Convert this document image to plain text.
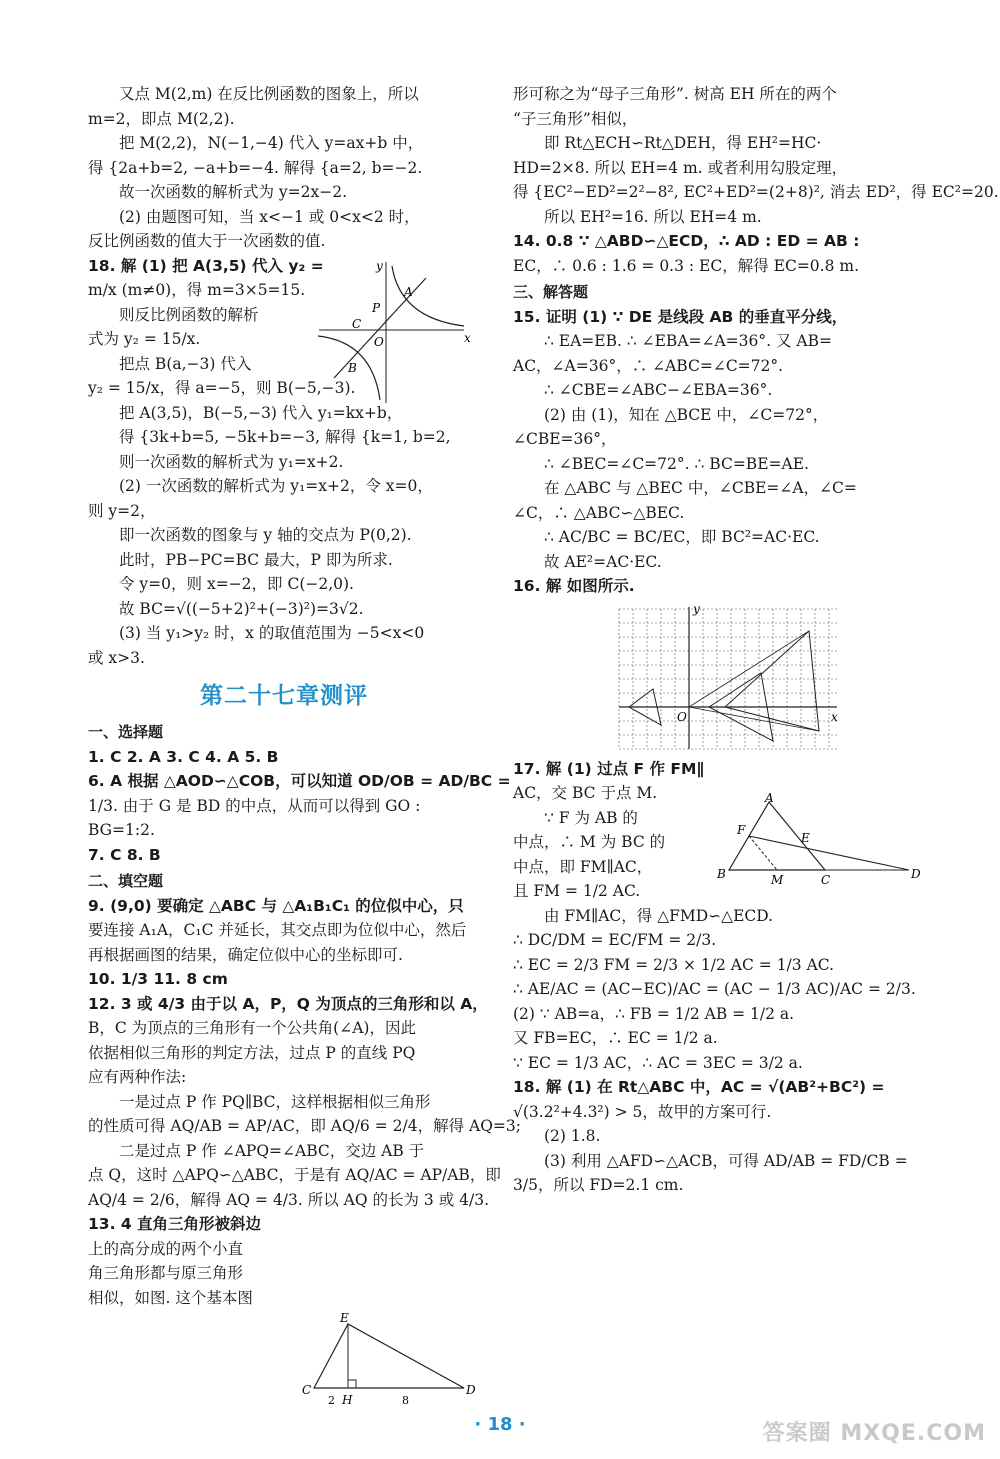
又点 M(2,m) 在反比例函数的图象上，所以
m=2，即点 M(2,2).
把 M(2,2)，N(−1,−4) 代入 y=ax+b 中，
得 {2a+b=2, −a+b=−4. 解得 {a=2, b=−2.
故一次函数的解析式为 y=2x−2.
(2) 由题图可知，当 x<−1 或 0<x<2 时，
反比例函数的值大于一次函数的值.
18. 解 (1) 把 A(3,5) 代入 y₂ =
m/x (m≠0)，得 m=3×5=15.
则反比例函数的解析
式为 y₂ = 15/x.
把点 B(a,−3) 代入
y₂ = 15/x，得 a=−5，则 B(−5,−3).
把 A(3,5)，B(−5,−3) 代入 y₁=kx+b，
得 {3k+b=5, −5k+b=−3, 解得 {k=1, b=2,
则一次函数的解析式为 y₁=x+2.
(2) 一次函数的解析式为 y₁=x+2，令 x=0，
则 y=2，
即一次函数的图象与 y 轴的交点为 P(0,2).
此时，PB−PC=BC 最大，P 即为所求.
令 y=0，则 x=−2，即 C(−2,0).
故 BC=√((−5+2)²+(−3)²)=3√2.
(3) 当 y₁>y₂ 时，x 的取值范围为 −5<x<0
或 x>3.
y
x
A
B
C
P
O
第二十七章测评
一、选择题
1. C 2. A 3. C 4. A 5. B
6. A 根据 △AOD∽△COB，可以知道 OD/OB = AD/BC =
1/3. 由于 G 是 BD 的中点，从而可以得到 GO :
BG=1:2.
7. C 8. B
二、填空题
9. (9,0) 要确定 △ABC 与 △A₁B₁C₁ 的位似中心，只
要连接 A₁A，C₁C 并延长，其交点即为位似中心，然后
再根据画图的结果，确定位似中心的坐标即可.
10. 1/3 11. 8 cm
12. 3 或 4/3 由于以 A，P，Q 为顶点的三角形和以 A，
B，C 为顶点的三角形有一个公共角(∠A)，因此
依据相似三角形的判定方法，过点 P 的直线 PQ
应有两种作法:
一是过点 P 作 PQ∥BC，这样根据相似三角形
的性质可得 AQ/AB = AP/AC，即 AQ/6 = 2/4，解得 AQ=3;
二是过点 P 作 ∠APQ=∠ABC，交边 AB 于
点 Q，这时 △APQ∽△ABC，于是有 AQ/AC = AP/AB，即
AQ/4 = 2/6，解得 AQ = 4/3. 所以 AQ 的长为 3 或 4/3.
13. 4 直角三角形被斜边
上的高分成的两个小直
角三角形都与原三角形
相似，如图. 这个基本图
E
C
H
D
2	8
形可称之为“母子三角形”. 树高 EH 所在的两个
“子三角形”相似，
即 Rt△ECH∽Rt△DEH，得 EH²=HC·
HD=2×8. 所以 EH=4 m. 或者利用勾股定理，
得 {EC²−ED²=2²−8², EC²+ED²=(2+8)², 消去 ED²，得 EC²=20.
所以 EH²=16. 所以 EH=4 m.
14. 0.8 ∵ △ABD∽△ECD，∴ AD : ED = AB :
EC，∴ 0.6 : 1.6 = 0.3 : EC，解得 EC=0.8 m.
三、解答题
15. 证明 (1) ∵ DE 是线段 AB 的垂直平分线，
∴ EA=EB. ∴ ∠EBA=∠A=36°. 又 AB=
AC，∠A=36°，∴ ∠ABC=∠C=72°.
∴ ∠CBE=∠ABC−∠EBA=36°.
(2) 由 (1)，知在 △BCE 中，∠C=72°，
∠CBE=36°，
∴ ∠BEC=∠C=72°. ∴ BC=BE=AE.
在 △ABC 与 △BEC 中，∠CBE=∠A，∠C=
∠C，∴ △ABC∽△BEC.
∴ AC/BC = BC/EC，即 BC²=AC·EC.
故 AE²=AC·EC.
16. 解 如图所示.
y
x
O
17. 解 (1) 过点 F 作 FM∥
AC，交 BC 于点 M.
∵ F 为 AB 的
中点，∴ M 为 BC 的
中点，即 FM∥AC，
且 FM = 1/2 AC.
由 FM∥AC，得 △FMD∽△ECD.
∴ DC/DM = EC/FM = 2/3.
∴ EC = 2/3 FM = 2/3 × 1/2 AC = 1/3 AC.
∴ AE/AC = (AC−EC)/AC = (AC − 1/3 AC)/AC = 2/3.
(2) ∵ AB=a，∴ FB = 1/2 AB = 1/2 a.
又 FB=EC，∴ EC = 1/2 a.
∵ EC = 1/3 AC，∴ AC = 3EC = 3/2 a.
18. 解 (1) 在 Rt△ABC 中，AC = √(AB²+BC²) =
√(3.2²+4.3²) > 5，故甲的方案可行.
(2) 1.8.
(3) 利用 △AFD∽△ACB，可得 AD/AB = FD/CB =
3/5，所以 FD=2.1 cm.
A
F
E
B	M	C	D
· 18 ·	答案圈 MXQE.COM
